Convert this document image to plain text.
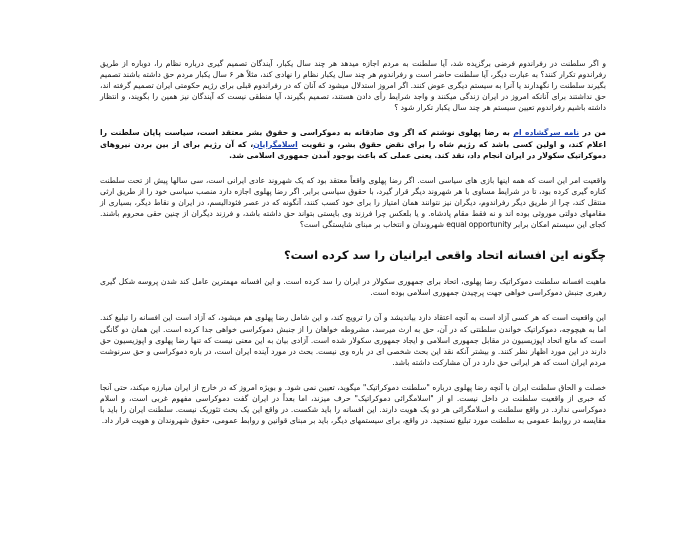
و اگر سلطنت در رفراندوم فرضی برگزیده شد، آیا سلطنت به مردم اجازه میدهد هر چند سال یکبار، آیندگان تصمیم گیری درباره نظام را، دوباره از طریق رفراندوم تکرار کنند؟ به عبارت دیگر، آیا سلطنت حاضر است و رفراندوم هر چند سال یکبار نظام را نهادی کند، مثلاً هر ۶ سال یکبار مردم حق داشته باشند تصمیم بگیرند سلطنت را نگهدارند یا آنرا به سیستم دیگری عوض کنند. اگر امروز استدلال میشود که آنان که در رفراندوم قبلی برای رژیم حکومتی ایران تصمیم گرفته اند، حق نداشتند برای آنانکه امروز در ایران زندگی میکنند و واجد شرایط رأی دادن هستند، تصمیم بگیرند، آیا منطقی نیست که آیندگان نیز همین را بگویند، و انتظار داشته باشیم رفراندوم تعیین سیستم هر چند سال یکبار تکرار شود ؟

من در نامه سرگشاده ام به رضا پهلوی نوشتم که اگر وی صادقانه به دموکراسی و حقوق بشر معتقد است، سیاست پایان سلطنت را اعلام کند، و اولین کسی باشد که رژیم شاه را برای نقض حقوق بشر، و تقویت اسلامگرایان، که آن رژیم برای از بین بردن نیروهای دموکراتیک سکولار در ایران انجام داد، نقد کند. یعنی عملی که باعث بوجود آمدن جمهوری اسلامی شد.

واقعیت امر این است که همه اینها بازی های سیاسی است. اگر رضا پهلوی واقعاً معتقد بود که یک شهروند عادی ایرانی است، سی سالها پیش از تحت سلطنت کناره گیری کرده بود، تا در شرایط مساوی با هر شهروند دیگر قرار گیرد، با حقوق سیاسی برابر. اگر رضا پهلوی اجازه دارد منصب سیاسی خود را از طریق ارثی منتقل کند، چرا از طریق دیگر رفراندوم، دیگران نیز نتوانند همان امتیاز را برای خود کسب کنند، آنگونه که در عصر فئودالیسم، در ایران و نقاط دیگر، بسیاری از مقامهای دولتی موروثی بوده اند و نه فقط مقام پادشاه. و یا بلعکس چرا فرزند وی بایستی بتواند حق داشته باشد، و فرزند دیگران از چنین حقی محروم باشند. کجای این سیستم امکان برابر equal opportunity شهروندان و انتخاب بر مبنای شایستگی است؟

چگونه این افسانه اتحاد واقعی ایرانیان را سد کرده است؟

ماهیت افسانه سلطنت دموکراتیک رضا پهلوی، اتحاد برای جمهوری سکولار در ایران را سد کرده است. و این افسانه مهمترین عامل کند شدن پروسه شکل گیری رهبری جنبش دموکراسی خواهی جهت پرچیدن جمهوری اسلامی بوده است.

این واقعیت است که هر کسی آزاد است به آنچه اعتقاد دارد بیاندیشد و آن را ترویج کند، و این شامل رضا پهلوی هم میشود، که آزاد است این افسانه را تبلیغ کند. اما به هیچوجه، دموکراتیک خواندن سلطنتی که در آن، حق به ارث میرسد، مشروطه خواهان را از جنبش دموکراسی خواهی جدا کرده است. این همان دو گانگی است که مانع اتحاد اپوزیسیون در مقابل جمهوری اسلامی و ایجاد جمهوری سکولار شده است. آزادی بیان به این معنی نیست که تنها رضا پهلوی و اپوزیسیون حق دارند در این مورد اظهار نظر کنند. و بیشتر آنکه نقد این بحث شخصی ای در باره وی نیست. بحث در مورد آینده ایران است، در باره دموکراسی و حق سرنوشت مردم ایران است که هر ایرانی حق دارد در آن مشارکت داشته باشد.

خصلت و الحاق سلطنت ایران با آنچه رضا پهلوی درباره "سلطنت دموکراتیک" میگوید، تعیین نمی شود. و بویژه امروز که در خارج از ایران مبارزه میکند، حتی آنجا که خبری از واقعیت سلطنت در داخل نیست. او از "اسلامگرائی دموکراتیک" حرف میزند، اما بعداً در ایران گفت دموکراسی مفهوم غربی است، و اسلام دموکراسی ندارد. در واقع سلطنت و اسلامگرائی هر دو یک هویت دارند. این افسانه را باید شکست. در واقع این یک بحث تئوریک نیست. سلطنت ایران را باید با مقایسه در روابط عمومی به سلطنت مورد تبلیغ نسنجید. در واقع، برای سیستمهای دیگر، باید بر مبنای قوانین و روابط عمومی، حقوق شهروندان و هویت قرار داد.
